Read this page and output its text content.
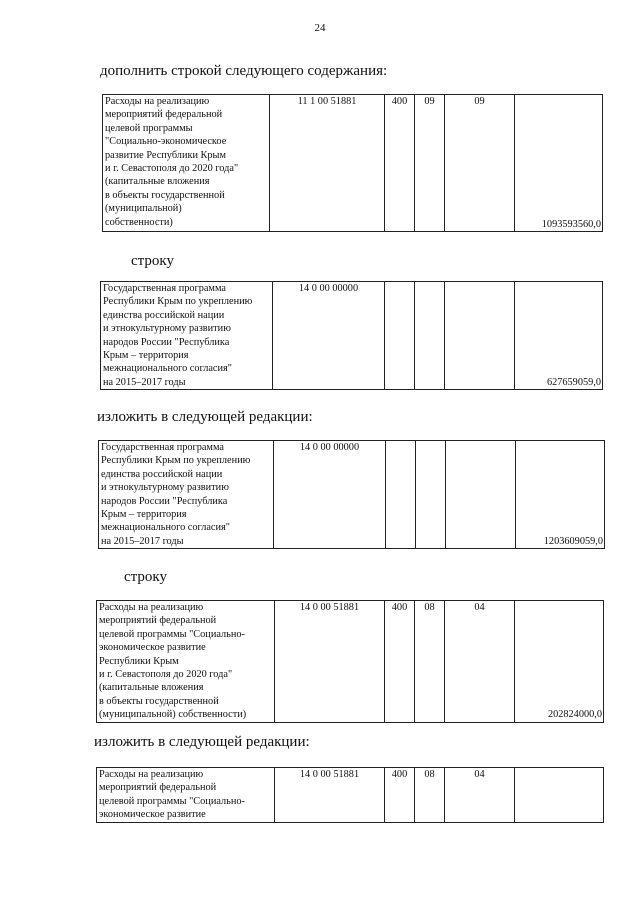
24
дополнить строкой следующего содержания:
Расходы на реализацию
мероприятий федеральной
целевой программы
"Социально-экономическое
развитие Республики Крым
и г. Севастополя до 2020 года"
(капитальные вложения
в объекты государственной
(муниципальной)
собственности)	11 1 00 51881	400	09	09	1093593560,0
строку
Государственная программа
Республики Крым по укреплению
единства российской нации
и этнокультурному развитию
народов России "Республика
Крым – территория
межнационального согласия"
на 2015–2017 годы	14 0 00 00000				627659059,0
изложить в следующей редакции:
Государственная программа
Республики Крым по укреплению
единства российской нации
и этнокультурному развитию
народов России "Республика
Крым – территория
межнационального согласия"
на 2015–2017 годы	14 0 00 00000				1203609059,0
строку
Расходы на реализацию
мероприятий федеральной
целевой программы "Социально-
экономическое развитие
Республики Крым
и г. Севастополя до 2020 года"
(капитальные вложения
в объекты государственной
(муниципальной) собственности)	14 0 00 51881	400	08	04	202824000,0
изложить в следующей редакции:
Расходы на реализацию
мероприятий федеральной
целевой программы "Социально-
экономическое развитие	14 0 00 51881	400	08	04	
